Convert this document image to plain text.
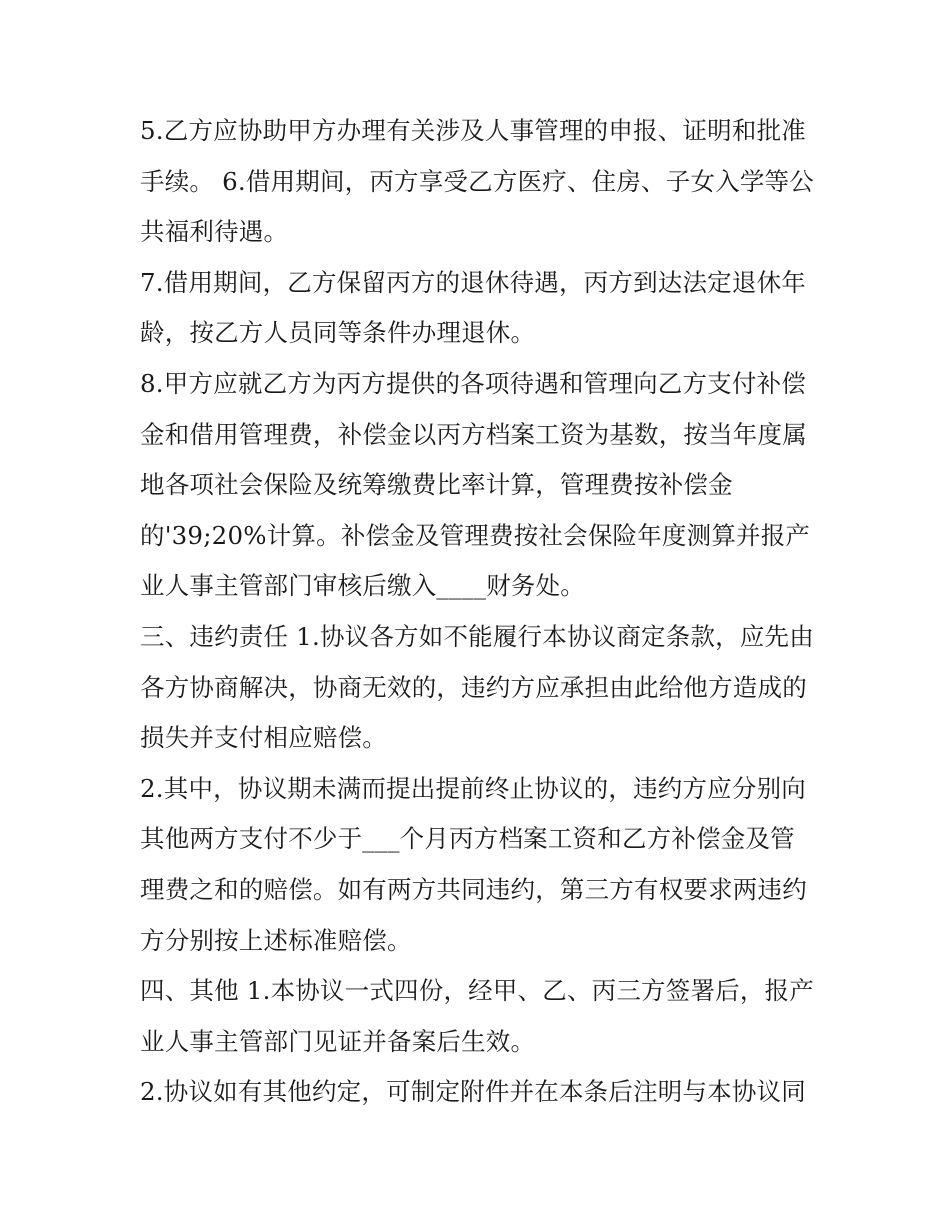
5.乙方应协助甲方办理有关涉及人事管理的申报、证明和批准
手续。 6.借用期间，丙方享受乙方医疗、住房、子女入学等公
共福利待遇。

7.借用期间，乙方保留丙方的退休待遇，丙方到达法定退休年
龄，按乙方人员同等条件办理退休。

8.甲方应就乙方为丙方提供的各项待遇和管理向乙方支付补偿
金和借用管理费，补偿金以丙方档案工资为基数，按当年度属
地各项社会保险及统筹缴费比率计算，管理费按补偿金
的'39;20%计算。补偿金及管理费按社会保险年度测算并报产
业人事主管部门审核后缴入____财务处。

三、违约责任 1.协议各方如不能履行本协议商定条款，应先由
各方协商解决，协商无效的，违约方应承担由此给他方造成的
损失并支付相应赔偿。

2.其中，协议期未满而提出提前终止协议的，违约方应分别向
其他两方支付不少于___个月丙方档案工资和乙方补偿金及管
理费之和的赔偿。如有两方共同违约，第三方有权要求两违约
方分别按上述标准赔偿。

四、其他 1.本协议一式四份，经甲、乙、丙三方签署后，报产
业人事主管部门见证并备案后生效。

2.协议如有其他约定，可制定附件并在本条后注明与本协议同
